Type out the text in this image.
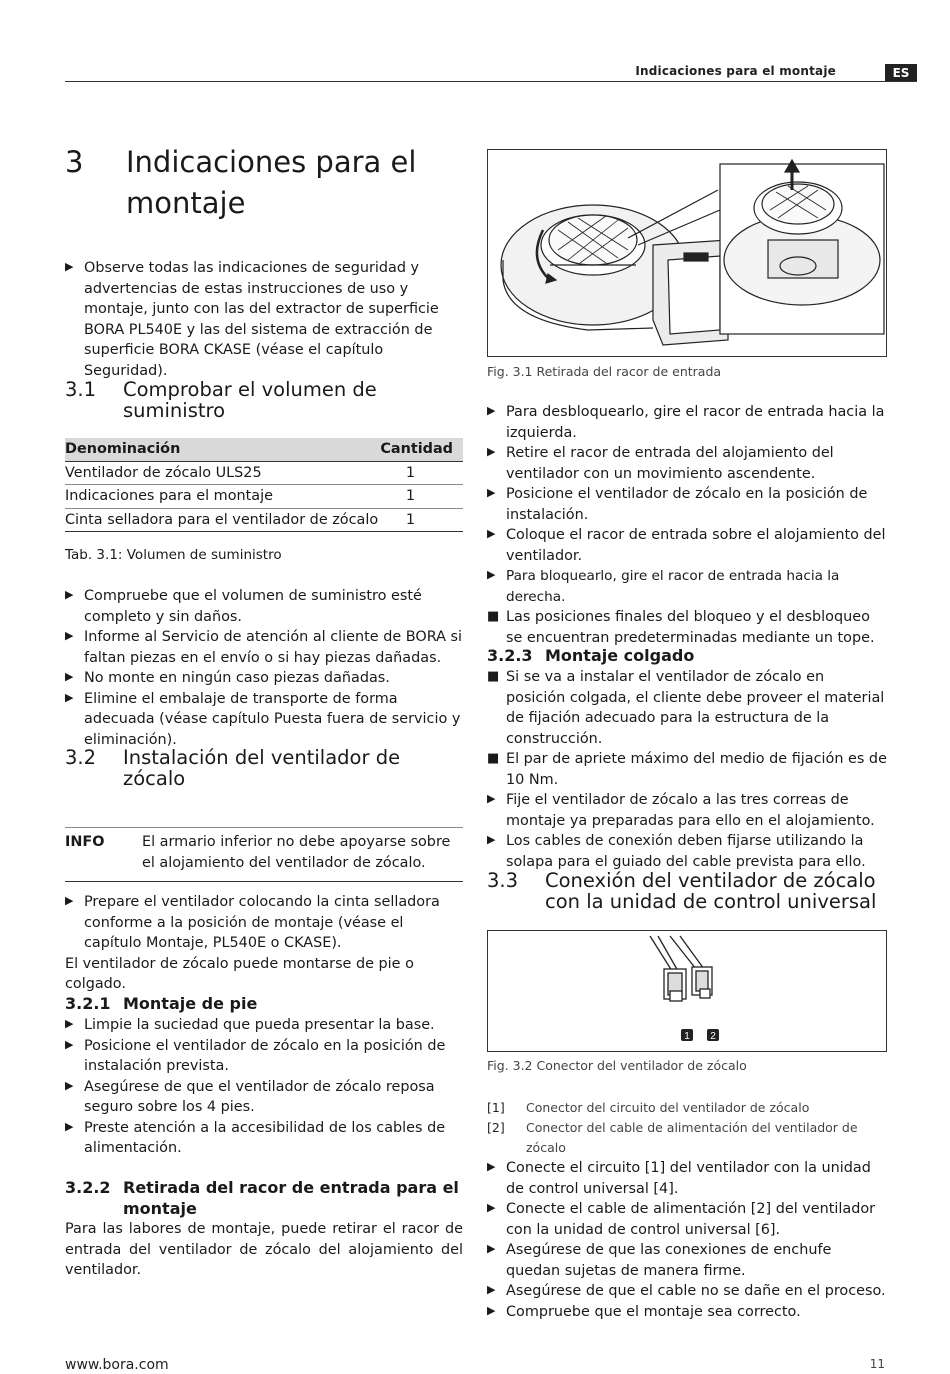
Indicaciones para el montaje	ES
3	Indicaciones para el
montaje
▶
Observe todas las indicaciones de seguridad y advertencias de estas instrucciones de uso y montaje, junto con las del extractor de superficie BORA PL540E y las del sistema de extracción de superficie BORA CKASE (véase el capítulo Seguridad).
3.1	Comprobar el volumen de
suministro
Denominación	Cantidad
Ventilador de zócalo ULS25	1
Indicaciones para el montaje	1
Cinta selladora para el ventilador de zócalo	1
Tab. 3.1: Volumen de suministro
▶
Compruebe que el volumen de suministro esté completo y sin daños.
▶
Informe al Servicio de atención al cliente de BORA si faltan piezas en el envío o si hay piezas dañadas.
▶
No monte en ningún caso piezas dañadas.
▶
Elimine el embalaje de transporte de forma adecuada (véase capítulo Puesta fuera de servicio y eliminación).
3.2	Instalación del ventilador de
zócalo
INFO	El armario inferior no debe apoyarse sobre el alojamiento del ventilador de zócalo.
▶
Prepare el ventilador colocando la cinta selladora conforme a la posición de montaje (véase el capítulo Montaje, PL540E o CKASE).
El ventilador de zócalo puede montarse de pie o colgado.
3.2.1 Montaje de pie
▶
Limpie la suciedad que pueda presentar la base.
▶
Posicione el ventilador de zócalo en la posición de instalación prevista.
▶
Asegúrese de que el ventilador de zócalo reposa seguro sobre los 4 pies.
▶
Preste atención a la accesibilidad de los cables de alimentación.
3.2.2 Retirada del racor de entrada para el
montaje
Para las labores de montaje, puede retirar el racor de entrada del ventilador de zócalo del alojamiento del ventilador.
Fig. 3.1 Retirada del racor de entrada
▶
Para desbloquearlo, gire el racor de entrada hacia la izquierda.
▶
Retire el racor de entrada del alojamiento del ventilador con un movimiento ascendente.
▶
Posicione el ventilador de zócalo en la posición de instalación.
▶
Coloque el racor de entrada sobre el alojamiento del ventilador.
▶
Para bloquearlo, gire el racor de entrada hacia la derecha.
■
Las posiciones finales del bloqueo y el desbloqueo se encuentran predeterminadas mediante un tope.
3.2.3 Montaje colgado
■
Si se va a instalar el ventilador de zócalo en posición colgada, el cliente debe proveer el material de fijación adecuado para la estructura de la construcción.
■
El par de apriete máximo del medio de fijación es de 10 Nm.
▶
Fije el ventilador de zócalo a las tres correas de montaje ya preparadas para ello en el alojamiento.
▶
Los cables de conexión deben fijarse utilizando la solapa para el guiado del cable prevista para ello.
3.3	Conexión del ventilador de zócalo
con la unidad de control universal
1 2
Fig. 3.2 Conector del ventilador de zócalo
[1]	Conector del circuito del ventilador de zócalo
[2]	Conector del cable de alimentación del ventilador de zócalo
▶
Conecte el circuito [1] del ventilador con la unidad de control universal [4].
▶
Conecte el cable de alimentación [2] del ventilador con la unidad de control universal [6].
▶
Asegúrese de que las conexiones de enchufe quedan sujetas de manera firme.
▶
Asegúrese de que el cable no se dañe en el proceso.
▶
Compruebe que el montaje sea correcto.
www.bora.com	11
